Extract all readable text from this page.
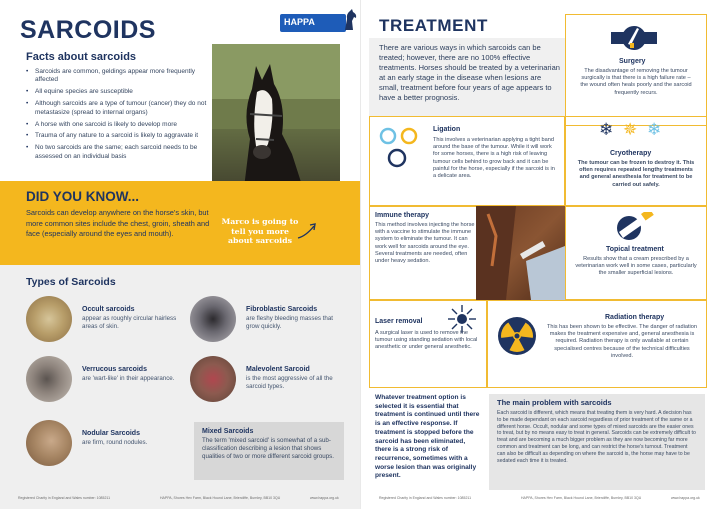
SARCOIDS	HAPPA
Facts about sarcoids
• Sarcoids are common, geldings appear more frequently affected
• All equine species are susceptible
• Although sarcoids are a type of tumour (cancer) they do not metastasize (spread to internal organs)
• A horse with one sarcoid is likely to develop more
• Trauma of any nature to a sarcoid is likely to aggravate it
• No two sarcoids are the same; each sarcoid needs to be assessed on an individual basis
DID YOU KNOW...
Sarcoids can develop anywhere on the horse's skin, but more common sites include the chest, groin, sheath and face (especially around the eyes and mouth).
Marco is going to tell you more about sarcoids
Types of Sarcoids
Occult sarcoids
appear as roughly circular hairless areas of skin.
Verrucous sarcoids
are 'wart-like' in their appearance.
Nodular Sarcoids
are firm, round nodules.
Fibroblastic Sarcoids
are fleshy bleeding masses that grow quickly.
Malevolent Sarcoid
is the most aggressive of all the sarcoid types.
Mixed Sarcoids
The term 'mixed sarcoid' is somewhat of a sub-classification describing a lesion that shows qualities of two or more different sarcoid groups.
Registered Charity in England and Wales number: 1085211	HAPPA, Shores Hev Farm, Black Hound Lane, Briercliffe, Burnley, BB10 3QU	www.happa.org.uk
TREATMENT
There are various ways in which sarcoids can be treated; however, there are no 100% effective treatments. Horses should be treated by a veterinarian at an early stage in the disease when lesions are small, treatment before four years of age appears to have a better prognosis.
Surgery
The disadvantage of removing the tumour surgically is that there is a high failure rate – the wound often heals poorly and the sarcoid frequently recurs.
Ligation
This involves a veterinarian applying a tight band around the base of the tumour. While it will work for some horses, there is a high risk of leaving tumour cells behind to grow back and it can be painful for the horse, especially if the sarcoid is in a delicate area.
❄ ✵ ❄
Cryotherapy
The tumour can be frozen to destroy it. This often requires repeated lengthy treatments and general anesthesia for treatment to be carried out safely.
Immune therapy
This method involves injecting the horse with a vaccine to stimulate the immune system to eliminate the tumour. It can work well for sarcoids around the eye. Several treatments are needed, often under heavy sedation.
Topical treatment
Results show that a cream prescribed by a veterinarian work well in some cases, particularly the smaller superficial lesions.
Laser removal
A surgical laser is used to remove the tumour using standing sedation with local anesthetic or under general anesthetic.
Radiation therapy
This has been shown to be effective. The danger of radiation makes the treatment expensive and, general anesthesia is required. Radiation therapy is only available at certain specialised centres because of the technical difficulties involved.
Whatever treatment option is selected it is essential that treatment is continued until there is an effective response. If treatment is stopped before the sarcoid has been eliminated, there is a strong risk of recurrence, sometimes with a worse lesion than was originally present.
The main problem with sarcoids
Each sarcoid is different, which means that treating them is very hard. A decision has to be made dependant on each sarcoid regardless of prior treatment of the same or a different horse. Occult, nodular and some types of mixed sarcoids are the easier ones to treat, but by no means easy to treat in general. Sarcoids can be extremely difficult to treat and are becoming a much bigger problem as they are now becoming far more common and treatment can be long, and can restrict the horse's turnout. Treatment can also be difficult as depending on where the sarcoid is, the horse may have to be sedated each time it is treated.
Registered Charity in England and Wales number: 1085211	HAPPA, Shores Hev Farm, Black Hound Lane, Briercliffe, Burnley, BB10 3QU	www.happa.org.uk
